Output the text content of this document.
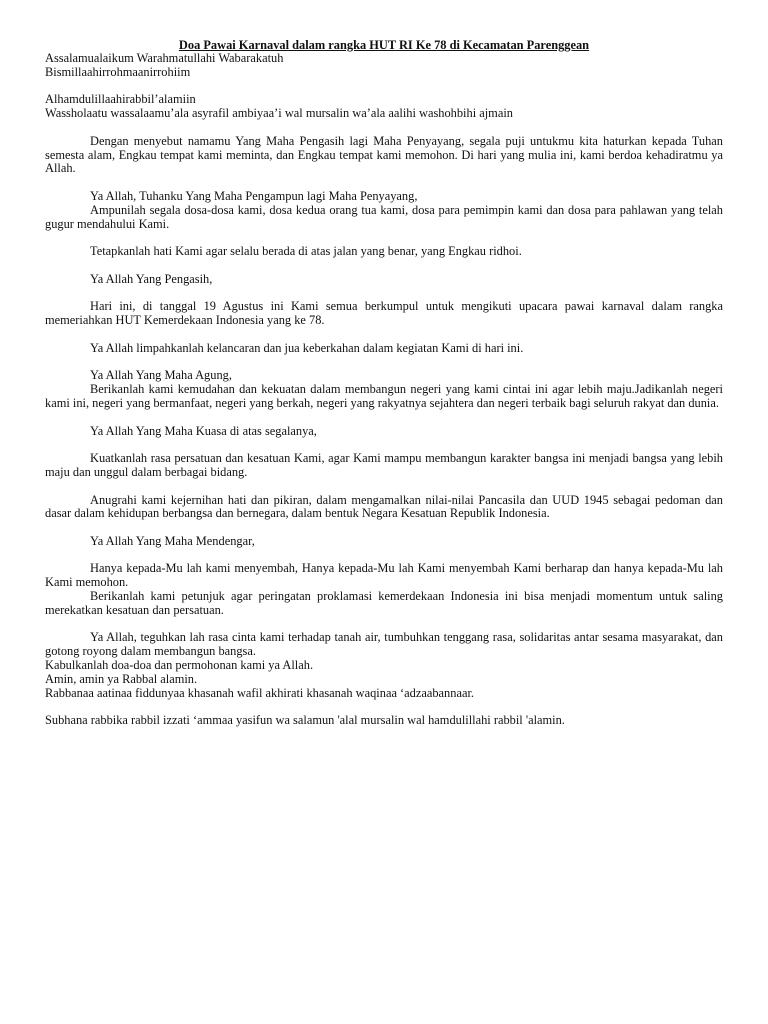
Doa Pawai Karnaval dalam rangka HUT RI Ke 78 di Kecamatan Parenggean

Assalamualaikum Warahmatullahi Wabarakatuh

Bismillaahirrohmaanirrohiim

Alhamdulillaahirabbil’alamiin

Wassholaatu wassalaamu’ala asyrafil ambiyaa’i wal mursalin wa’ala aalihi washohbihi ajmain

Dengan menyebut namamu Yang Maha Pengasih lagi Maha Penyayang, segala puji untukmu kita haturkan kepada Tuhan semesta alam, Engkau tempat kami meminta, dan Engkau tempat kami memohon. Di hari yang mulia ini, kami berdoa kehadiratmu ya Allah.

Ya Allah, Tuhanku Yang Maha Pengampun lagi Maha Penyayang,

Ampunilah segala dosa-dosa kami, dosa kedua orang tua kami, dosa para pemimpin kami dan dosa para pahlawan yang telah gugur mendahului Kami.

Tetapkanlah hati Kami agar selalu berada di atas jalan yang benar, yang Engkau ridhoi.

Ya Allah Yang Pengasih,

Hari ini, di tanggal 19 Agustus ini Kami semua berkumpul untuk mengikuti upacara pawai karnaval dalam rangka memeriahkan HUT Kemerdekaan Indonesia yang ke 78.

Ya Allah limpahkanlah kelancaran dan jua keberkahan dalam kegiatan Kami di hari ini.

Ya Allah Yang Maha Agung,

Berikanlah kami kemudahan dan kekuatan dalam membangun negeri yang kami cintai ini agar lebih maju.Jadikanlah negeri kami ini, negeri yang bermanfaat, negeri yang berkah, negeri yang rakyatnya sejahtera dan negeri terbaik bagi seluruh rakyat dan dunia.

Ya Allah Yang Maha Kuasa di atas segalanya,

Kuatkanlah rasa persatuan dan kesatuan Kami, agar Kami mampu membangun karakter bangsa ini menjadi bangsa yang lebih maju dan unggul dalam berbagai bidang.

Anugrahi kami kejernihan hati dan pikiran, dalam mengamalkan nilai-nilai Pancasila dan UUD 1945 sebagai pedoman dan dasar dalam kehidupan berbangsa dan bernegara, dalam bentuk Negara Kesatuan Republik Indonesia.

Ya Allah Yang Maha Mendengar,

Hanya kepada-Mu lah kami menyembah, Hanya kepada-Mu lah Kami menyembah Kami berharap dan hanya kepada-Mu lah Kami memohon.

Berikanlah kami petunjuk agar peringatan proklamasi kemerdekaan Indonesia ini bisa menjadi momentum untuk saling merekatkan kesatuan dan persatuan.

Ya Allah, teguhkan lah rasa cinta kami terhadap tanah air, tumbuhkan tenggang rasa, solidaritas antar sesama masyarakat, dan gotong royong dalam membangun bangsa.

Kabulkanlah doa-doa dan permohonan kami ya Allah.

Amin, amin ya Rabbal alamin.

Rabbanaa aatinaa fiddunyaa khasanah wafil akhirati khasanah waqinaa ‘adzaabannaar.

Subhana rabbika rabbil izzati ‘ammaa yasifun wa salamun 'alal mursalin wal hamdulillahi rabbil 'alamin.
